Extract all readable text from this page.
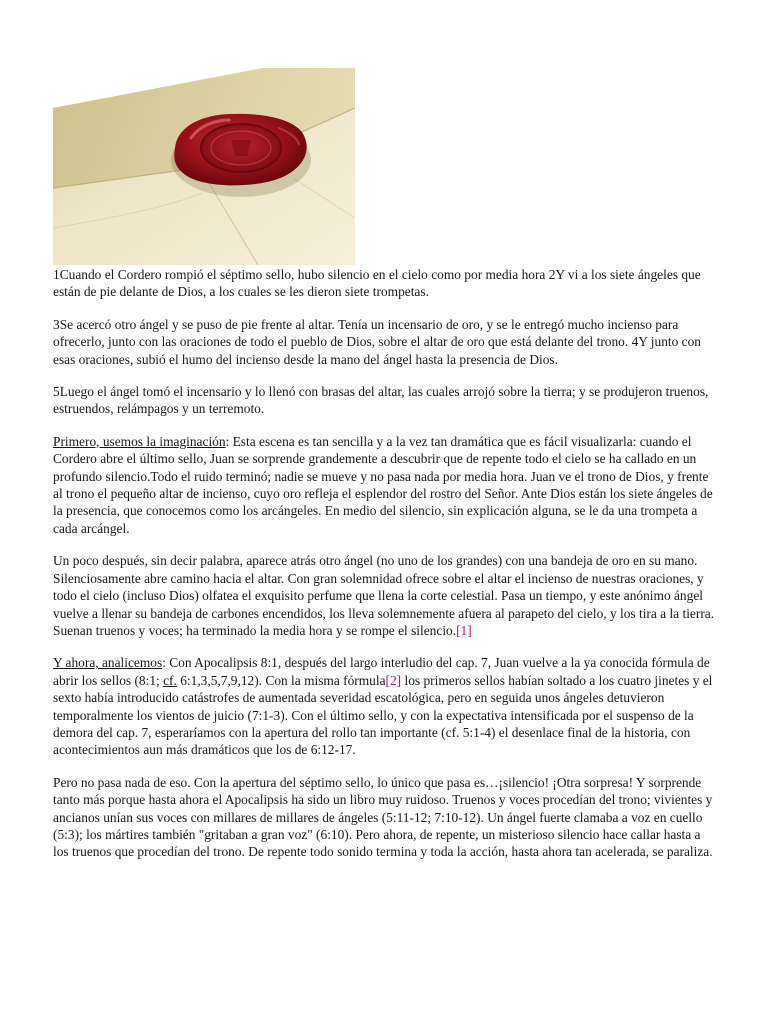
1Cuando el Cordero rompió el séptimo sello, hubo silencio en el cielo como por media hora 2Y vi a los siete ángeles que están de pie delante de Dios, a los cuales se les dieron siete trompetas.

3Se acercó otro ángel y se puso de pie frente al altar. Tenía un incensario de oro, y se le entregó mucho incienso para ofrecerlo, junto con las oraciones de todo el pueblo de Dios, sobre el altar de oro que está delante del trono. 4Y junto con esas oraciones, subió el humo del incienso desde la mano del ángel hasta la presencia de Dios.

5Luego el ángel tomó el incensario y lo llenó con brasas del altar, las cuales arrojó sobre la tierra; y se produjeron truenos, estruendos, relámpagos y un terremoto.

Primero, usemos la imaginación: Esta escena es tan sencilla y a la vez tan dramática que es fácil visualizarla: cuando el Cordero abre el último sello, Juan se sorprende grandemente a descubrir que de repente todo el cielo se ha callado en un profundo silencio.Todo el ruido terminó; nadie se mueve y no pasa nada por media hora. Juan ve el trono de Dios, y frente al trono el pequeño altar de incienso, cuyo oro refleja el esplendor del rostro del Señor. Ante Dios están los siete ángeles de la presencia, que conocemos como los arcángeles. En medio del silencio, sin explicación alguna, se le da una trompeta a cada arcángel.

Un poco después, sin decir palabra, aparece atrás otro ángel (no uno de los grandes) con una bandeja de oro en su mano. Silenciosamente abre camino hacia el altar. Con gran solemnidad ofrece sobre el altar el incienso de nuestras oraciones, y todo el cielo (incluso Dios) olfatea el exquisito perfume que llena la corte celestial. Pasa un tiempo, y este anónimo ángel vuelve a llenar su bandeja de carbones encendidos, los lleva solemnemente afuera al parapeto del cielo, y los tira a la tierra. Suenan truenos y voces; ha terminado la media hora y se rompe el silencio.[1]

Y ahora, analicemos: Con Apocalipsis 8:1, después del largo interludio del cap. 7, Juan vuelve a la ya conocida fórmula de abrir los sellos (8:1; cf. 6:1,3,5,7,9,12). Con la misma fórmula[2] los primeros sellos habían soltado a los cuatro jinetes y el sexto había introducido catástrofes de aumentada severidad escatológica, pero en seguida unos ángeles detuvieron temporalmente los vientos de juicio (7:1-3). Con el último sello, y con la expectativa intensificada por el suspenso de la demora del cap. 7, esperaríamos con la apertura del rollo tan importante (cf. 5:1-4) el desenlace final de la historia, con acontecimientos aun más dramáticos que los de 6:12-17.

Pero no pasa nada de eso. Con la apertura del séptimo sello, lo único que pasa es…¡silencio! ¡Otra sorpresa! Y sorprende tanto más porque hasta ahora el Apocalipsis ha sido un libro muy ruidoso. Truenos y voces procedían del trono; vivientes y ancianos unían sus voces con millares de millares de ángeles (5:11-12; 7:10-12). Un ángel fuerte clamaba a voz en cuello (5:3); los mártires también "gritaban a gran voz" (6:10). Pero ahora, de repente, un misterioso silencio hace callar hasta a los truenos que procedían del trono. De repente todo sonido termina y toda la acción, hasta ahora tan acelerada, se paraliza.
